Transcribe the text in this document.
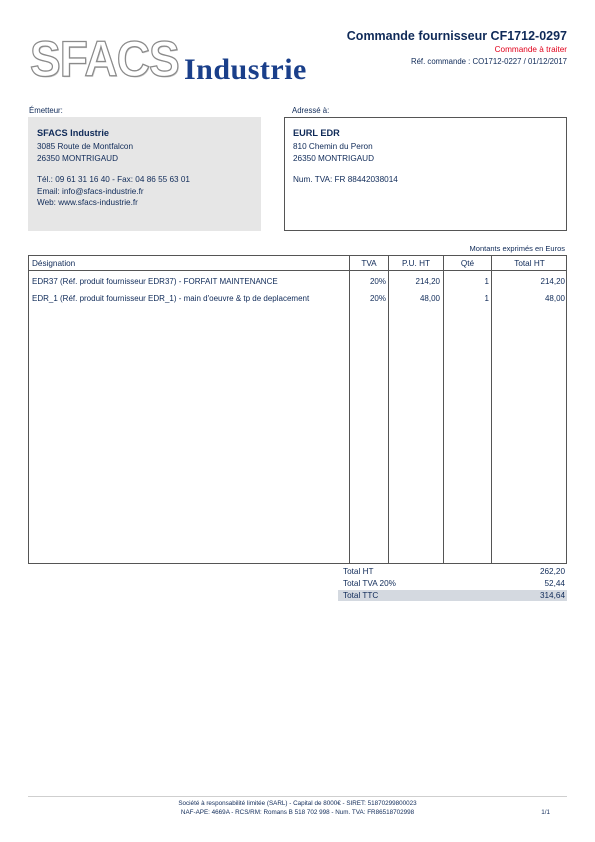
SFACS Industrie
Commande fournisseur CF1712-0297
Commande à traiter
Réf. commande : CO1712-0227 / 01/12/2017
Émetteur:
SFACS Industrie
3085 Route de Montfalcon
26350 MONTRIGAUD
Tél.: 09 61 31 16 40 - Fax: 04 86 55 63 01
Email: info@sfacs-industrie.fr
Web: www.sfacs-industrie.fr
Adressé à:
EURL EDR
810 Chemin du Peron
26350 MONTRIGAUD
Num. TVA: FR 88442038014
Montants exprimés en Euros
Désignation	TVA	P.U. HT	Qté	Total HT
EDR37 (Réf. produit fournisseur EDR37) - FORFAIT MAINTENANCE	20%	214,20	1	214,20
EDR_1 (Réf. produit fournisseur EDR_1) - main d'oeuvre & tp de deplacement	20%	48,00	1	48,00
Total HT	262,20
Total TVA 20%	52,44
Total TTC	314,64
Société à responsabilité limitée (SARL) - Capital de 8000€ - SIRET: 51870299800023
NAF-APE: 4669A - RCS/RM: Romans B 518 702 998 - Num. TVA: FR86518702998	1/1
